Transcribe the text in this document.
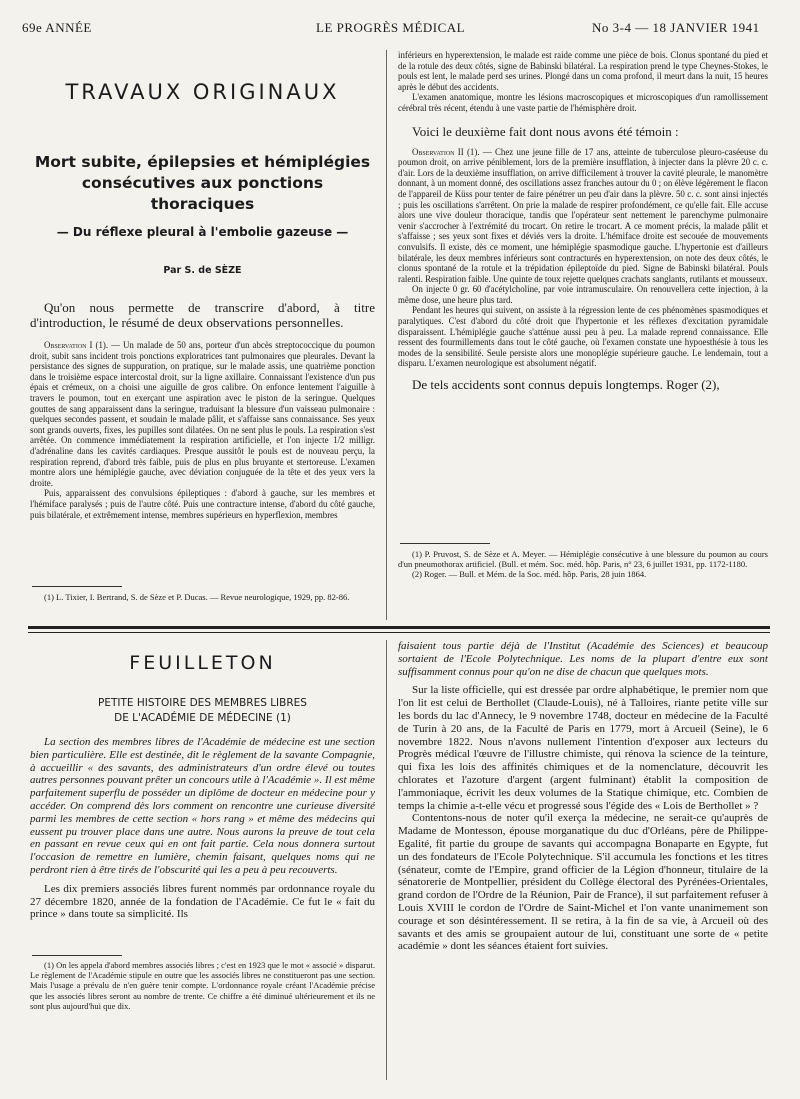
69e ANNÉE	LE PROGRÈS MÉDICAL	No 3-4 — 18 JANVIER 1941
TRAVAUX ORIGINAUX
Mort subite, épilepsies et hémiplégies
consécutives aux ponctions thoraciques
— Du réflexe pleural à l'embolie gazeuse —
Par S. de SÈZE

Qu'on nous permette de transcrire d'abord, à titre d'introduction, le résumé de deux observations personnelles.

Observation I (1). — Un malade de 50 ans, porteur d'un abcès streptococcique du poumon droit, subit sans incident trois ponctions exploratrices tant pulmonaires que pleurales. Devant la persistance des signes de suppuration, on pratique, sur le malade assis, une quatrième ponction dans le troisième espace intercostal droit, sur la ligne axillaire. Connaissant l'existence d'un pus épais et crémeux, on a choisi une aiguille de gros calibre. On enfonce lentement l'aiguille à travers le poumon, tout en exerçant une aspiration avec le piston de la seringue. Quelques gouttes de sang apparaissent dans la seringue, traduisant la blessure d'un vaisseau pulmonaire : quelques secondes passent, et soudain le malade pâlit, et s'affaisse sans connaissance. Ses yeux sont grands ouverts, fixes, les pupilles sont dilatées. On ne sent plus le pouls. La respiration s'est arrêtée. On commence immédiatement la respiration artificielle, et l'on injecte 1/2 milligr. d'adrénaline dans les cavités cardiaques. Presque aussitôt le pouls est de nouveau perçu, la respiration reprend, d'abord très faible, puis de plus en plus bruyante et stertoreuse. L'examen montre alors une hémiplégie gauche, avec déviation conjuguée de la tête et des yeux vers la droite.

Puis, apparaissent des convulsions épileptiques : d'abord à gauche, sur les membres et l'hémiface paralysés ; puis de l'autre côté. Puis une contracture intense, d'abord du côté gauche, puis bilatérale, et extrêmement intense, membres supérieurs en hyperflexion, membres

(1) L. Tixier, I. Bertrand, S. de Sèze et P. Ducas. — Revue neurologique, 1929, pp. 82-86.

inférieurs en hyperextension, le malade est raide comme une pièce de bois. Clonus spontané du pied et de la rotule des deux côtés, signe de Babinski bilatéral. La respiration prend le type Cheynes-Stokes, le pouls est lent, le malade perd ses urines. Plongé dans un coma profond, il meurt dans la nuit, 15 heures après le début des accidents.

L'examen anatomique, montre les lésions macroscopiques et microscopiques d'un ramollissement cérébral très récent, étendu à une vaste partie de l'hémisphère droit.

Voici le deuxième fait dont nous avons été témoin :

Observation II (1). — Chez une jeune fille de 17 ans, atteinte de tuberculose pleuro-caséeuse du poumon droit, on arrive péniblement, lors de la première insufflation, à injecter dans la plèvre 20 c. c. d'air. Lors de la deuxième insufflation, on arrive difficilement à trouver la cavité pleurale, le manomètre donnant, à un moment donné, des oscillations assez franches autour du 0 ; on élève légèrement le flacon de l'appareil de Küss pour tenter de faire pénétrer un peu d'air dans la plèvre. 50 c. c. sont ainsi injectés ; puis les oscillations s'arrêtent. On prie la malade de respirer profondément, ce qu'elle fait. Elle accuse alors une vive douleur thoracique, tandis que l'opérateur sent nettement le parenchyme pulmonaire venir s'accrocher à l'extrémité du trocart. On retire le trocart. A ce moment précis, la malade pâlit et s'affaisse ; ses yeux sont fixes et déviés vers la droite. L'hémiface droite est secouée de mouvements convulsifs. Il existe, dès ce moment, une hémiplégie spasmodique gauche. L'hypertonie est d'ailleurs bilatérale, les deux membres inférieurs sont contracturés en hyperextension, on note des deux côtés, le clonus spontané de la rotule et la trépidation épileptoïde du pied. Signe de Babinski bilatéral. Pouls ralenti. Respiration faible. Une quinte de toux rejette quelques crachats sanglants, rutilants et mousseux.

On injecte 0 gr. 60 d'acétylcholine, par voie intramusculaire. On renouvellera cette injection, à la même dose, une heure plus tard.

Pendant les heures qui suivent, on assiste à la régression lente de ces phénomènes spasmodiques et paralytiques. C'est d'abord du côté droit que l'hypertonie et les réflexes d'excitation pyramidale disparaissent. L'hémiplégie gauche s'atténue aussi peu à peu. La malade reprend connaissance. Elle ressent des fourmillements dans tout le côté gauche, où l'examen constate une hypoesthésie à tous les modes de la sensibilité. Seule persiste alors une monoplégie supérieure gauche. Le lendemain, tout a disparu. L'examen neurologique est absolument négatif.

De tels accidents sont connus depuis longtemps. Roger (2),

(1) P. Pruvost, S. de Sèze et A. Meyer. — Hémiplégie consécutive à une blessure du poumon au cours d'un pneumothorax artificiel. (Bull. et mém. Soc. méd. hôp. Paris, n° 23, 6 juillet 1931, pp. 1172-1180.

(2) Roger. — Bull. et Mém. de la Soc. méd. hôp. Paris, 28 juin 1864.

FEUILLETON
PETITE HISTOIRE DES MEMBRES LIBRES
DE L'ACADÉMIE DE MÉDECINE (1)

La section des membres libres de l'Académie de médecine est une section bien particulière. Elle est destinée, dit le règlement de la savante Compagnie, à accueillir « des savants, des administrateurs d'un ordre élevé ou toutes autres personnes pouvant prêter un concours utile à l'Académie ». Il est même parfaitement superflu de posséder un diplôme de docteur en médecine pour y accéder. On comprend dès lors comment on rencontre une curieuse diversité parmi les membres de cette section « hors rang » et même des médecins qui eussent pu trouver place dans une autre. Nous aurons la preuve de tout cela en passant en revue ceux qui en ont fait partie. Cela nous donnera surtout l'occasion de remettre en lumière, chemin faisant, quelques noms qui ne perdront rien à être tirés de l'obscurité qui les a peu à peu recouverts.

Les dix premiers associés libres furent nommés par ordonnance royale du 27 décembre 1820, année de la fondation de l'Académie. Ce fut le « fait du prince » dans toute sa simplicité. Ils

(1) On les appela d'abord membres associés libres ; c'est en 1923 que le mot « associé » disparut. Le règlement de l'Académie stipule en outre que les associés libres ne constitueront pas une section. Mais l'usage a prévalu de n'en guère tenir compte. L'ordonnance royale créant l'Académie précise que les associés libres seront au nombre de trente. Ce chiffre a été diminué ultérieurement et ils ne sont plus aujourd'hui que dix.

faisaient tous partie déjà de l'Institut (Académie des Sciences) et beaucoup sortaient de l'Ecole Polytechnique. Les noms de la plupart d'entre eux sont suffisamment connus pour qu'on ne dise de chacun que quelques mots.

Sur la liste officielle, qui est dressée par ordre alphabétique, le premier nom que l'on lit est celui de Berthollet (Claude-Louis), né à Talloires, riante petite ville sur les bords du lac d'Annecy, le 9 novembre 1748, docteur en médecine de la Faculté de Turin à 20 ans, de la Faculté de Paris en 1779, mort à Arcueil (Seine), le 6 novembre 1822. Nous n'avons nullement l'intention d'exposer aux lecteurs du Progrès médical l'œuvre de l'illustre chimiste, qui rénova la science de la teinture, qui fixa les lois des affinités chimiques et de la nomenclature, découvrit les chlorates et l'azoture d'argent (argent fulminant) établit la composition de l'ammoniaque, écrivit les deux volumes de la Statique chimique, etc. Combien de temps la chimie a-t-elle vécu et progressé sous l'égide des « Lois de Berthollet » ?

Contentons-nous de noter qu'il exerça la médecine, ne serait-ce qu'auprès de Madame de Montesson, épouse morganatique du duc d'Orléans, père de Philippe-Egalité, fit partie du groupe de savants qui accompagna Bonaparte en Egypte, fut un des fondateurs de l'Ecole Polytechnique. S'il accumula les fonctions et les titres (sénateur, comte de l'Empire, grand officier de la Légion d'honneur, titulaire de la sénatorerie de Montpellier, président du Collège électoral des Pyrénées-Orientales, grand cordon de l'Ordre de la Réunion, Pair de France), il sut parfaitement refuser à Louis XVIII le cordon de l'Ordre de Saint-Michel et l'on vante unanimement son courage et son désintéressement. Il se retira, à la fin de sa vie, à Arcueil où des savants et des amis se groupaient autour de lui, constituant une sorte de « petite académie » dont les séances étaient fort suivies.
